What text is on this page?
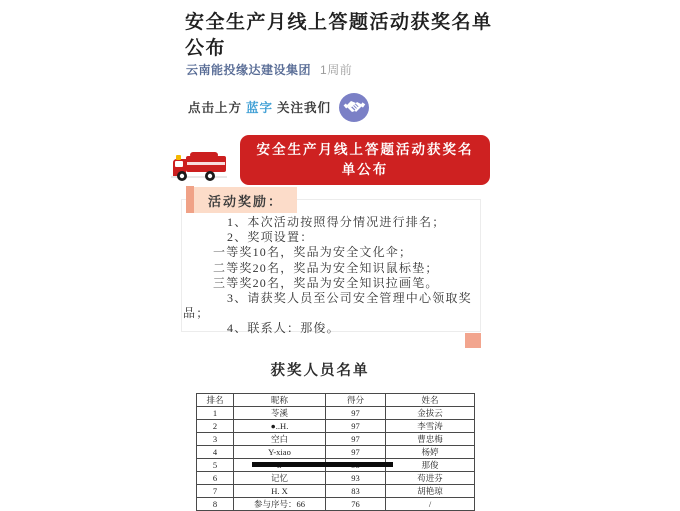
安全生产月线上答题活动获奖名单公布
云南能投缘达建设集团 1周前
点击上方 蓝字 关注我们
安全生产月线上答题活动获奖名单公布
活动奖励：
1、本次活动按照得分情况进行排名；
2、奖项设置：
一等奖10名，奖品为安全文化伞；
二等奖20名，奖品为安全知识鼠标垫；
三等奖20名，奖品为安全知识拉画笔。
3、请获奖人员至公司安全管理中心领取奖品；
4、联系人：那俊。
获奖人员名单
排名	昵称	得分	姓名
1	苓溪	97	金拔云
2	●..H.	97	李雪涛
3	空白	97	曹忠梅
4	Y-xiao	97	杨婷
5			那俊
6	记忆	93	苟进芬
7	H. X	83	胡艳琼
8	参与序号：66	76	/
